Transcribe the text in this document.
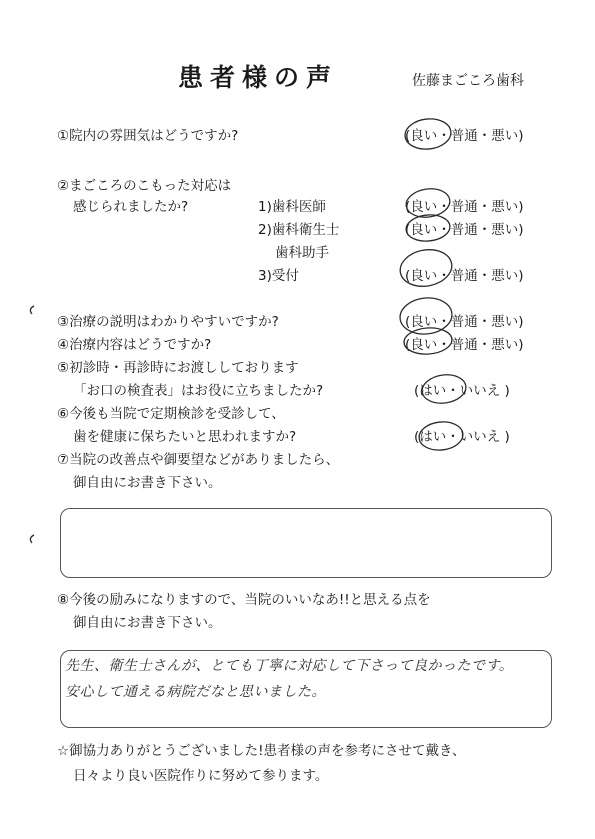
患者様の声	佐藤まごころ歯科
①院内の雰囲気はどうですか?	(良い・普通・悪い)
②まごころのこもった対応は
感じられましたか?	1)歯科医師	(良い・普通・悪い)
2)歯科衛生士	(良い・普通・悪い)
歯科助手
3)受付	(良い・普通・悪い)
③治療の説明はわかりやすいですか?	(良い・普通・悪い)
④治療内容はどうですか?	(良い・普通・悪い)
⑤初診時・再診時にお渡ししております
「お口の検査表」はお役に立ちましたか?	(はい・いいえ )
⑥今後も当院で定期検診を受診して、
歯を健康に保ちたいと思われますか?	(はい・いいえ )
⑦当院の改善点や御要望などがありましたら、
御自由にお書き下さい。
⑧今後の励みになりますので、当院のいいなあ!!と思える点を
御自由にお書き下さい。
先生、衛生士さんが、とても丁寧に対応して下さって良かったです。
安心して通える病院だなと思いました。
☆御協力ありがとうございました!患者様の声を参考にさせて戴き、
日々より良い医院作りに努めて参ります。
